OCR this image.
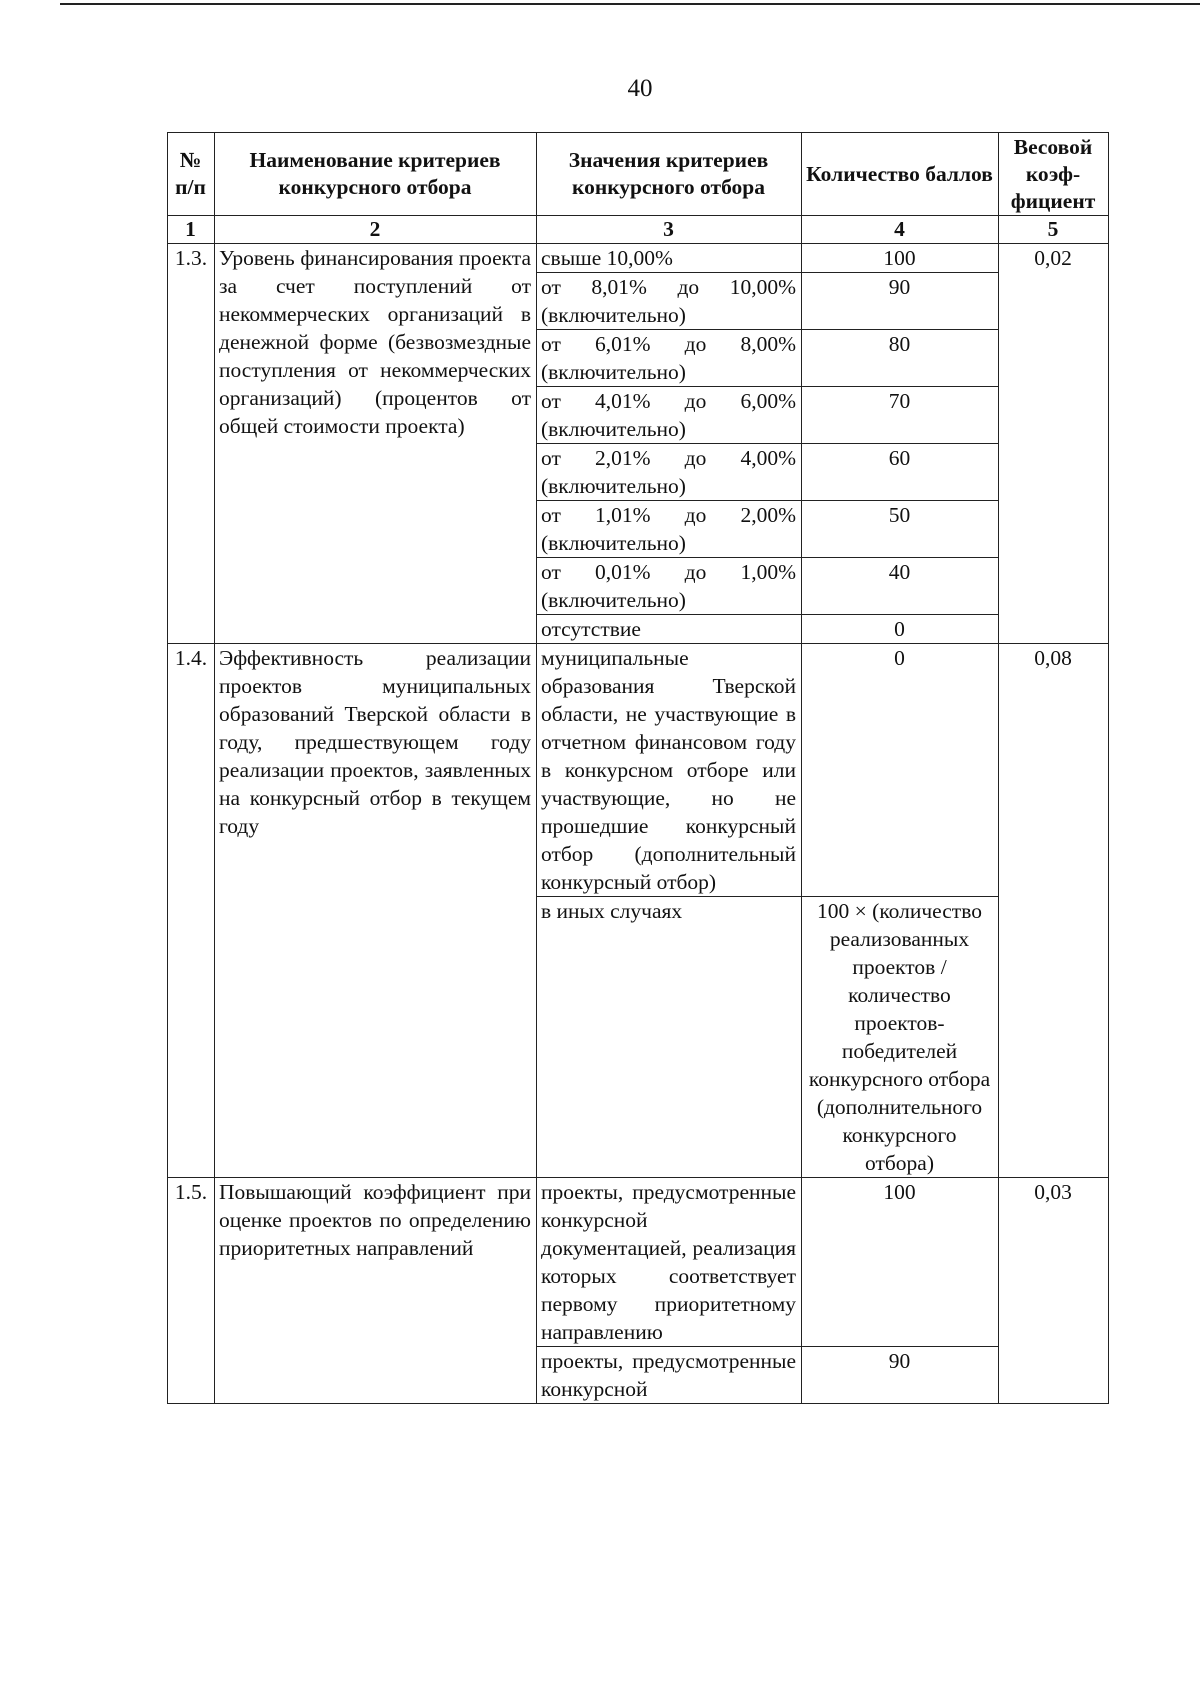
40
№ п/п	Наименование критериев конкурсного отбора	Значения критериев конкурсного отбора	Количество баллов	Весовой коэф-фициент
1	2	3	4	5
1.3.	Уровень финансирования проекта за счет поступлений от некоммерческих организаций в денежной форме (безвозмездные поступления от некоммерческих организаций) (процентов от общей стоимости проекта)	свыше 10,00%	100	0,02
		от 8,01% до 10,00% (включительно)	90	
		от 6,01% до 8,00% (включительно)	80	
		от 4,01% до 6,00% (включительно)	70	
		от 2,01% до 4,00% (включительно)	60	
		от 1,01% до 2,00% (включительно)	50	
		от 0,01% до 1,00% (включительно)	40	
		отсутствие	0	
1.4.	Эффективность реализации проектов муниципальных образований Тверской области в году, предшествующем году реализации проектов, заявленных на конкурсный отбор в текущем году	муниципальные образования Тверской области, не участвующие в отчетном финансовом году в конкурсном отборе или участвующие, но не прошедшие конкурсный отбор (дополнительный конкурсный отбор)	0	0,08
		в иных случаях	100 × (количество реализованных проектов / количество проектов-победителей конкурсного отбора (дополнительного конкурсного отбора)	
1.5.	Повышающий коэффициент при оценке проектов по определению приоритетных направлений	проекты, предусмотренные конкурсной документацией, реализация которых соответствует первому приоритетному направлению	100	0,03
		проекты, предусмотренные конкурсной	90	
